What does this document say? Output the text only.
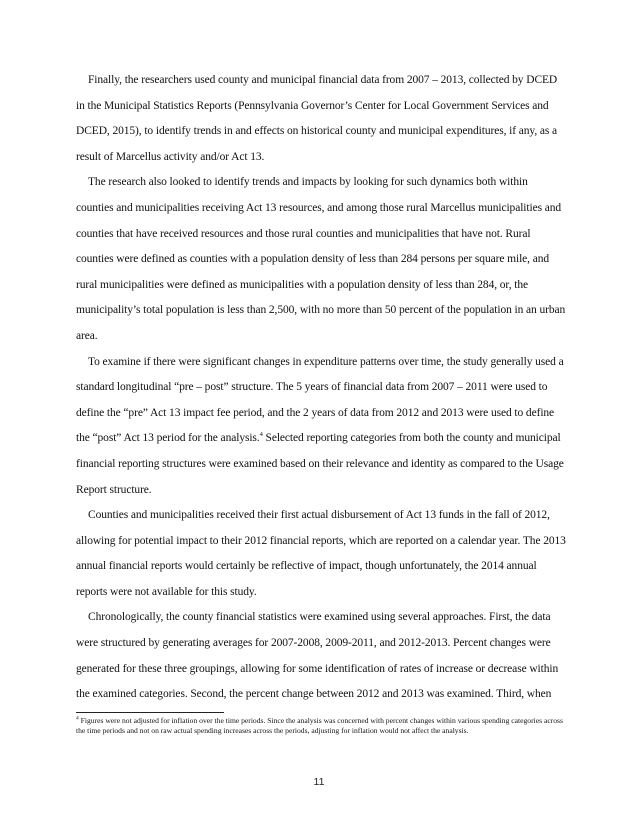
Finally, the researchers used county and municipal financial data from 2007 – 2013, collected by DCED in the Municipal Statistics Reports (Pennsylvania Governor’s Center for Local Government Services and DCED, 2015), to identify trends in and effects on historical county and municipal expenditures, if any, as a result of Marcellus activity and/or Act 13.

The research also looked to identify trends and impacts by looking for such dynamics both within counties and municipalities receiving Act 13 resources, and among those rural Marcellus municipalities and counties that have received resources and those rural counties and municipalities that have not. Rural counties were defined as counties with a population density of less than 284 persons per square mile, and rural municipalities were defined as municipalities with a population density of less than 284, or, the municipality’s total population is less than 2,500, with no more than 50 percent of the population in an urban area.

To examine if there were significant changes in expenditure patterns over time, the study generally used a standard longitudinal “pre – post” structure. The 5 years of financial data from 2007 – 2011 were used to define the “pre” Act 13 impact fee period, and the 2 years of data from 2012 and 2013 were used to define the “post” Act 13 period for the analysis.$^4$ Selected reporting categories from both the county and municipal financial reporting structures were examined based on their relevance and identity as compared to the Usage Report structure.

Counties and municipalities received their first actual disbursement of Act 13 funds in the fall of 2012, allowing for potential impact to their 2012 financial reports, which are reported on a calendar year. The 2013 annual financial reports would certainly be reflective of impact, though unfortunately, the 2014 annual reports were not available for this study.

Chronologically, the county financial statistics were examined using several approaches. First, the data were structured by generating averages for 2007-2008, 2009-2011, and 2012-2013. Percent changes were generated for these three groupings, allowing for some identification of rates of increase or decrease within the examined categories. Second, the percent change between 2012 and 2013 was examined. Third, when

$^4$ Figures were not adjusted for inflation over the time periods. Since the analysis was concerned with percent changes within various spending categories across the time periods and not on raw actual spending increases across the periods, adjusting for inflation would not affect the analysis.

11
